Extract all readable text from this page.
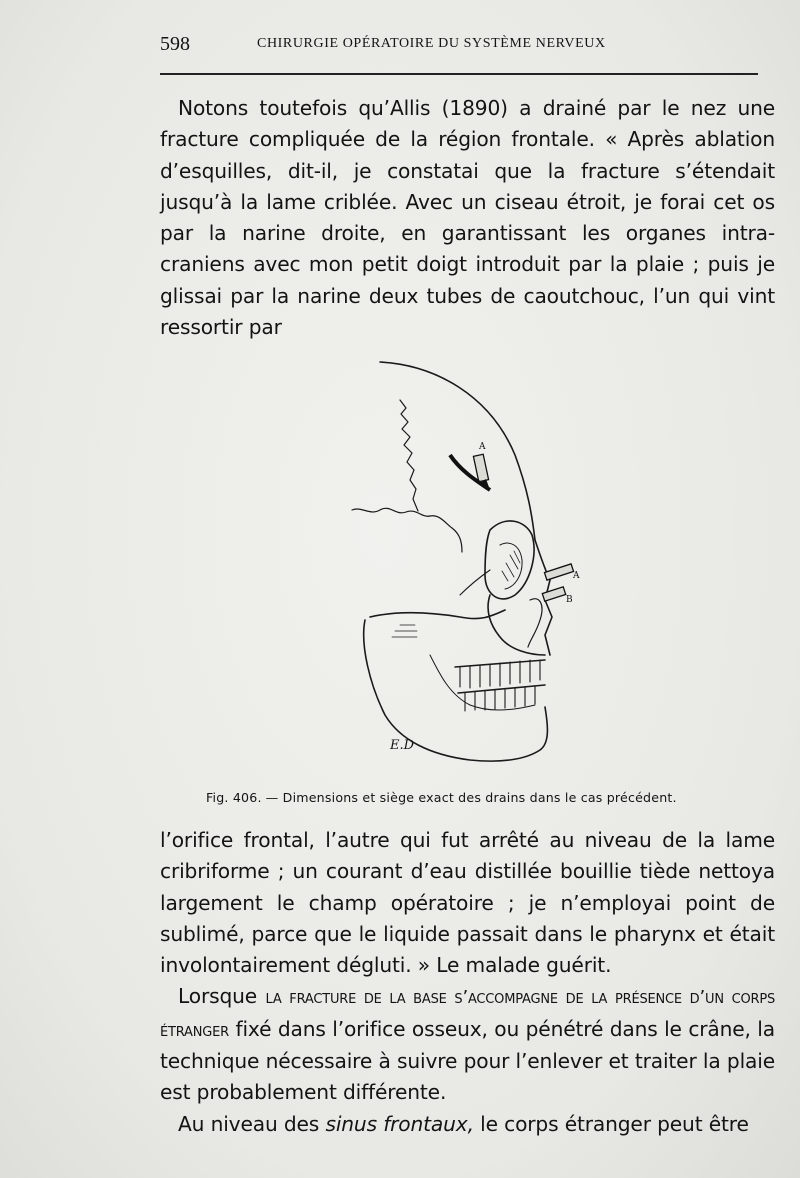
598	CHIRURGIE OPÉRATOIRE DU SYSTÈME NERVEUX

Notons toutefois qu’Allis (1890) a drainé par le nez une fracture compliquée de la région frontale. « Après ablation d’esquilles, dit-il, je constatai que la fracture s’étendait jusqu’à la lame criblée. Avec un ciseau étroit, je forai cet os par la narine droite, en garantissant les organes intra-craniens avec mon petit doigt introduit par la plaie ; puis je glissai par la narine deux tubes de caoutchouc, l’un qui vint ressortir par

A
A
B
E.D
Fig. 406. — Dimensions et siège exact des drains dans le cas précédent.

l’orifice frontal, l’autre qui fut arrêté au niveau de la lame cribriforme ; un courant d’eau distillée bouillie tiède nettoya largement le champ opératoire ; je n’employai point de sublimé, parce que le liquide passait dans le pharynx et était involontairement dégluti. » Le malade guérit.

Lorsque la fracture de la base s’accompagne de la présence d’un corps étranger fixé dans l’orifice osseux, ou pénétré dans le crâne, la technique nécessaire à suivre pour l’enlever et traiter la plaie est probablement différente.

Au niveau des sinus frontaux, le corps étranger peut être
